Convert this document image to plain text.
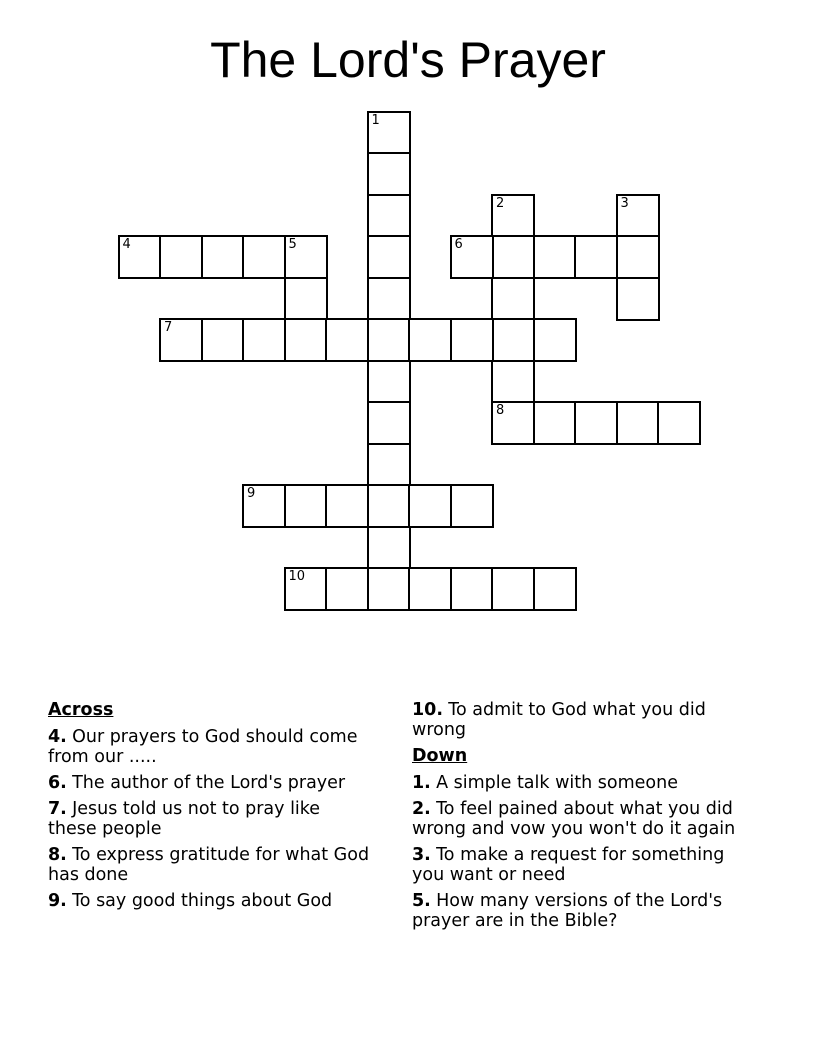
The Lord's Prayer
1
2
8
3
4	5	6
7
9
10
Across

4. Our prayers to God should come from our .....

6. The author of the Lord's prayer

7. Jesus told us not to pray like these people

8. To express gratitude for what God has done

9. To say good things about God

10. To admit to God what you did wrong

Down

1. A simple talk with someone

2. To feel pained about what you did wrong and vow you won't do it again

3. To make a request for something you want or need

5. How many versions of the Lord's prayer are in the Bible?
